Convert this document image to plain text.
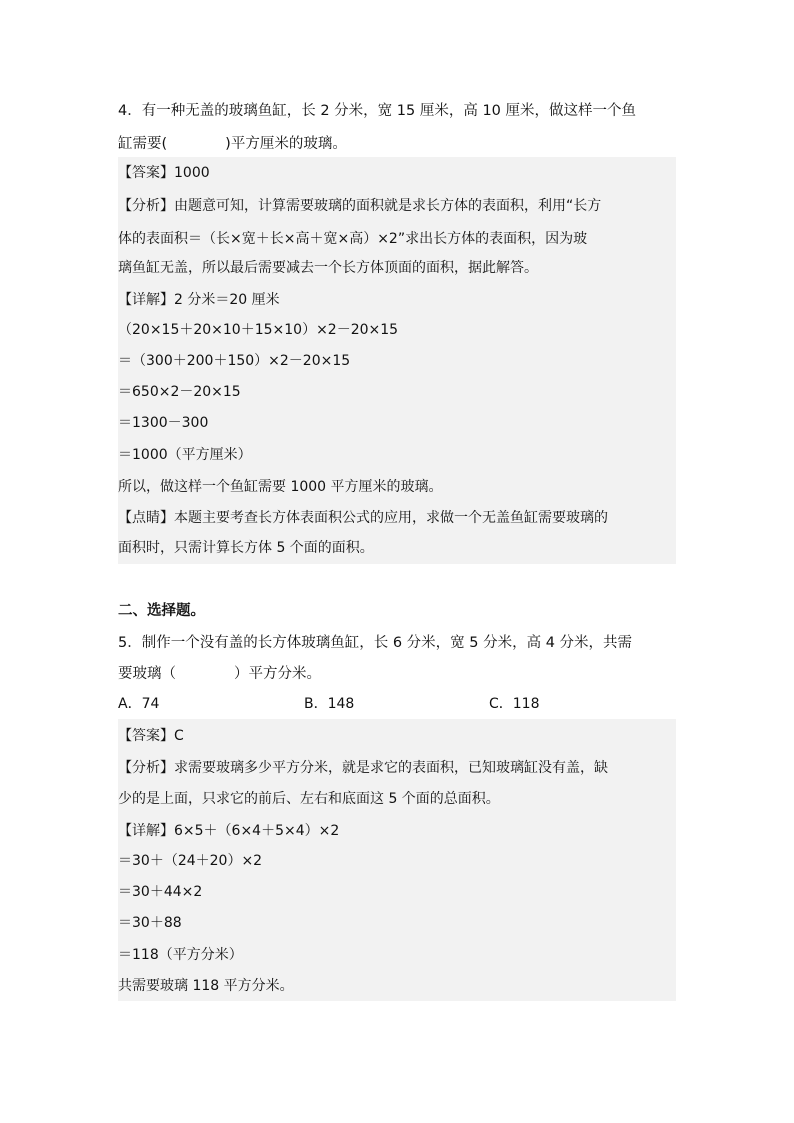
4．有一种无盖的玻璃鱼缸，长 2 分米，宽 15 厘米，高 10 厘米，做这样一个鱼
缸需要(　　　　)平方厘米的玻璃。
【答案】1000
【分析】由题意可知，计算需要玻璃的面积就是求长方体的表面积，利用“长方
体的表面积＝（长×宽＋长×高＋宽×高）×2”求出长方体的表面积，因为玻
璃鱼缸无盖，所以最后需要减去一个长方体顶面的面积，据此解答。
【详解】2 分米＝20 厘米
（20×15＋20×10＋15×10）×2－20×15
＝（300＋200＋150）×2－20×15
＝650×2－20×15
＝1300－300
＝1000（平方厘米）
所以，做这样一个鱼缸需要 1000 平方厘米的玻璃。
【点睛】本题主要考查长方体表面积公式的应用，求做一个无盖鱼缸需要玻璃的
面积时，只需计算长方体 5 个面的面积。
二、选择题。
5．制作一个没有盖的长方体玻璃鱼缸，长 6 分米，宽 5 分米，高 4 分米，共需
要玻璃（　　　　）平方分米。
A．74	B．148	C．118
【答案】C
【分析】求需要玻璃多少平方分米，就是求它的表面积，已知玻璃缸没有盖，缺
少的是上面，只求它的前后、左右和底面这 5 个面的总面积。
【详解】6×5＋（6×4＋5×4）×2
＝30＋（24＋20）×2
＝30＋44×2
＝30＋88
＝118（平方分米）
共需要玻璃 118 平方分米。
